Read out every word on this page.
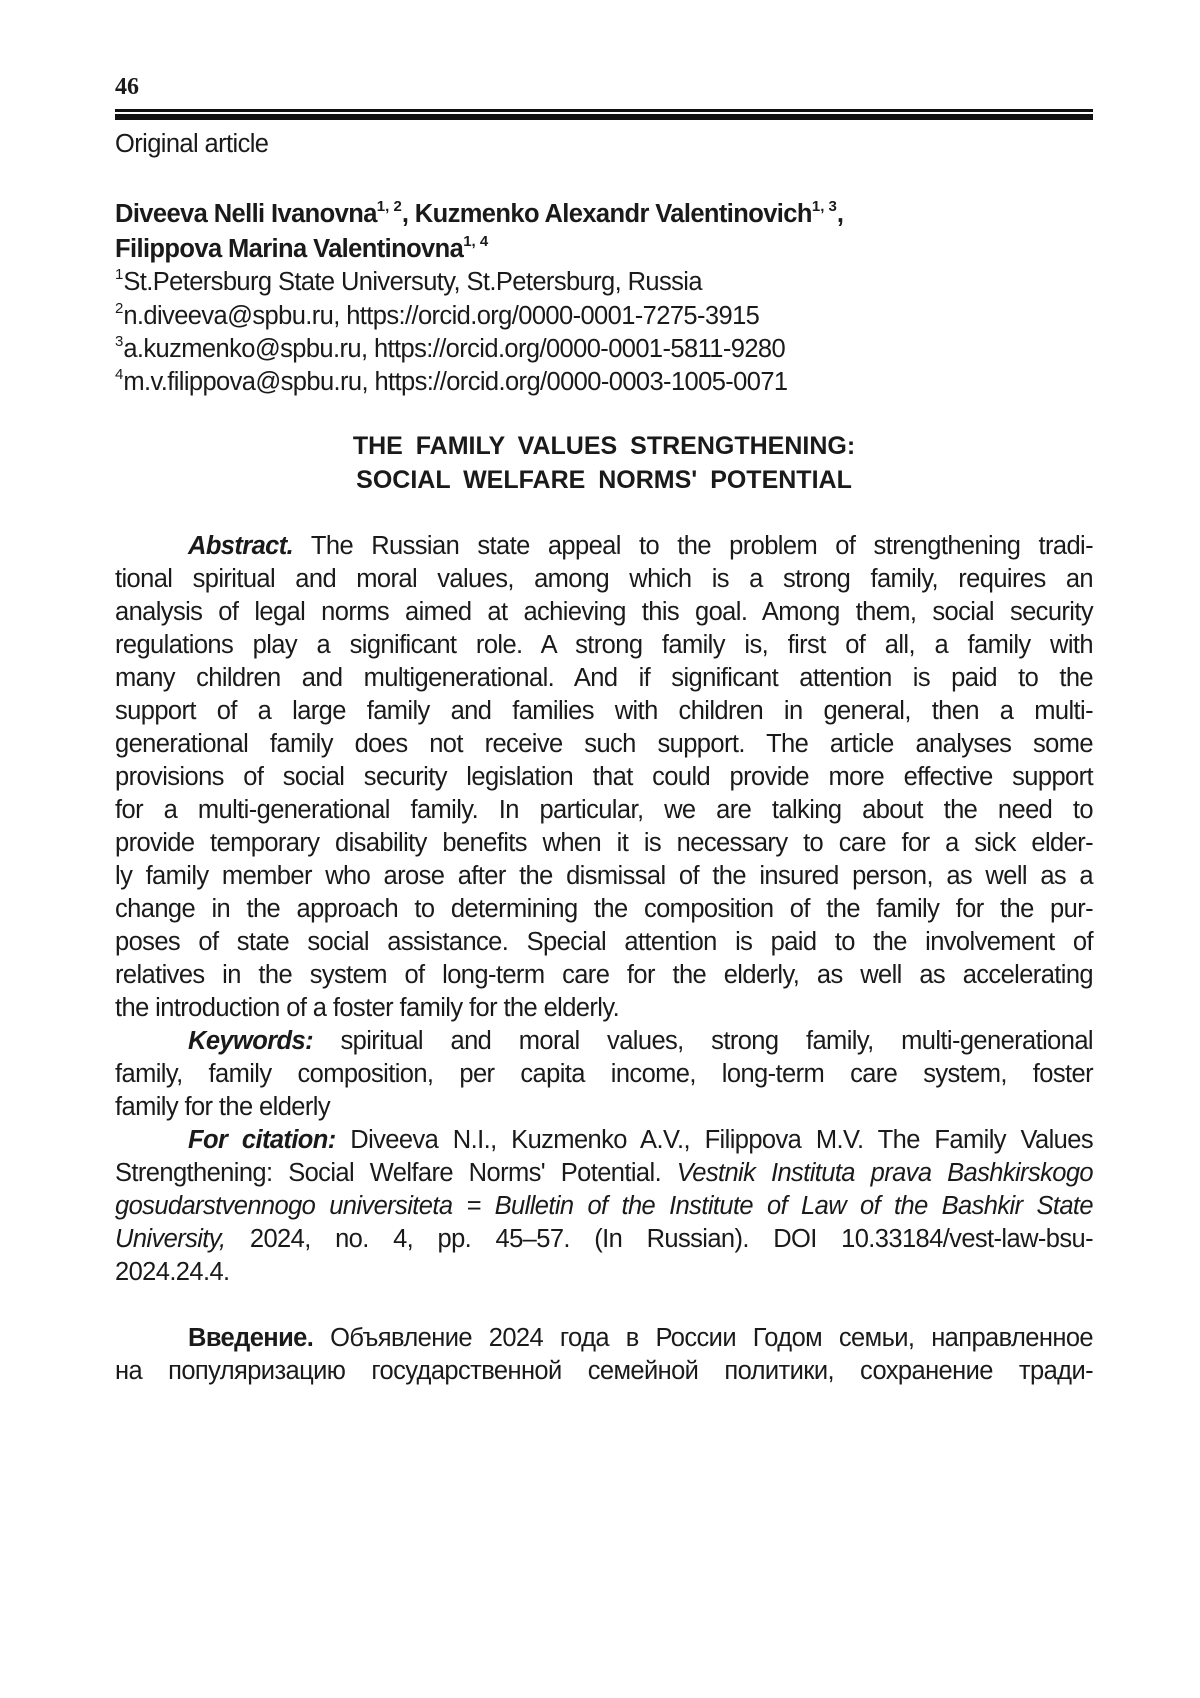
46
Original article
Diveeva Nelli Ivanovna$^{1, 2}$, Kuzmenko Alexandr Valentinovich$^{1, 3}$,
Filippova Marina Valentinovna$^{1, 4}$
$^1$St.Petersburg State Universuty, St.Petersburg, Russia
$^2$n.diveeva@spbu.ru, https://orcid.org/0000-0001-7275-3915
$^3$a.kuzmenko@spbu.ru, https://orcid.org/0000-0001-5811-9280
$^4$m.v.filippova@spbu.ru, https://orcid.org/0000-0003-1005-0071
THE FAMILY VALUES STRENGTHENING:
SOCIAL WELFARE NORMS' POTENTIAL
Abstract. The Russian state appeal to the problem of strengthening tradi-
tional spiritual and moral values, among which is a strong family, requires an
analysis of legal norms aimed at achieving this goal. Among them, social security
regulations play a significant role. A strong family is, first of all, a family with
many children and multigenerational. And if significant attention is paid to the
support of a large family and families with children in general, then a multi-
generational family does not receive such support. The article analyses some
provisions of social security legislation that could provide more effective support
for a multi-generational family. In particular, we are talking about the need to
provide temporary disability benefits when it is necessary to care for a sick elder-
ly family member who arose after the dismissal of the insured person, as well as a
change in the approach to determining the composition of the family for the pur-
poses of state social assistance. Special attention is paid to the involvement of
relatives in the system of long-term care for the elderly, as well as accelerating
the introduction of a foster family for the elderly.
Keywords: spiritual and moral values, strong family, multi-generational
family, family composition, per capita income, long-term care system, foster
family for the elderly
For citation: Diveeva N.I., Kuzmenko A.V., Filippova M.V. The Family Values
Strengthening: Social Welfare Norms' Potential. Vestnik Instituta prava Bashkirskogo
gosudarstvennogo universiteta = Bulletin of the Institute of Law of the Bashkir State
University, 2024, no. 4, pp. 45–57. (In Russian). DOI 10.33184/vest-law-bsu-
2024.24.4.
Введение. Объявление 2024 года в России Годом семьи, направленное
на популяризацию государственной семейной политики, сохранение тради-
